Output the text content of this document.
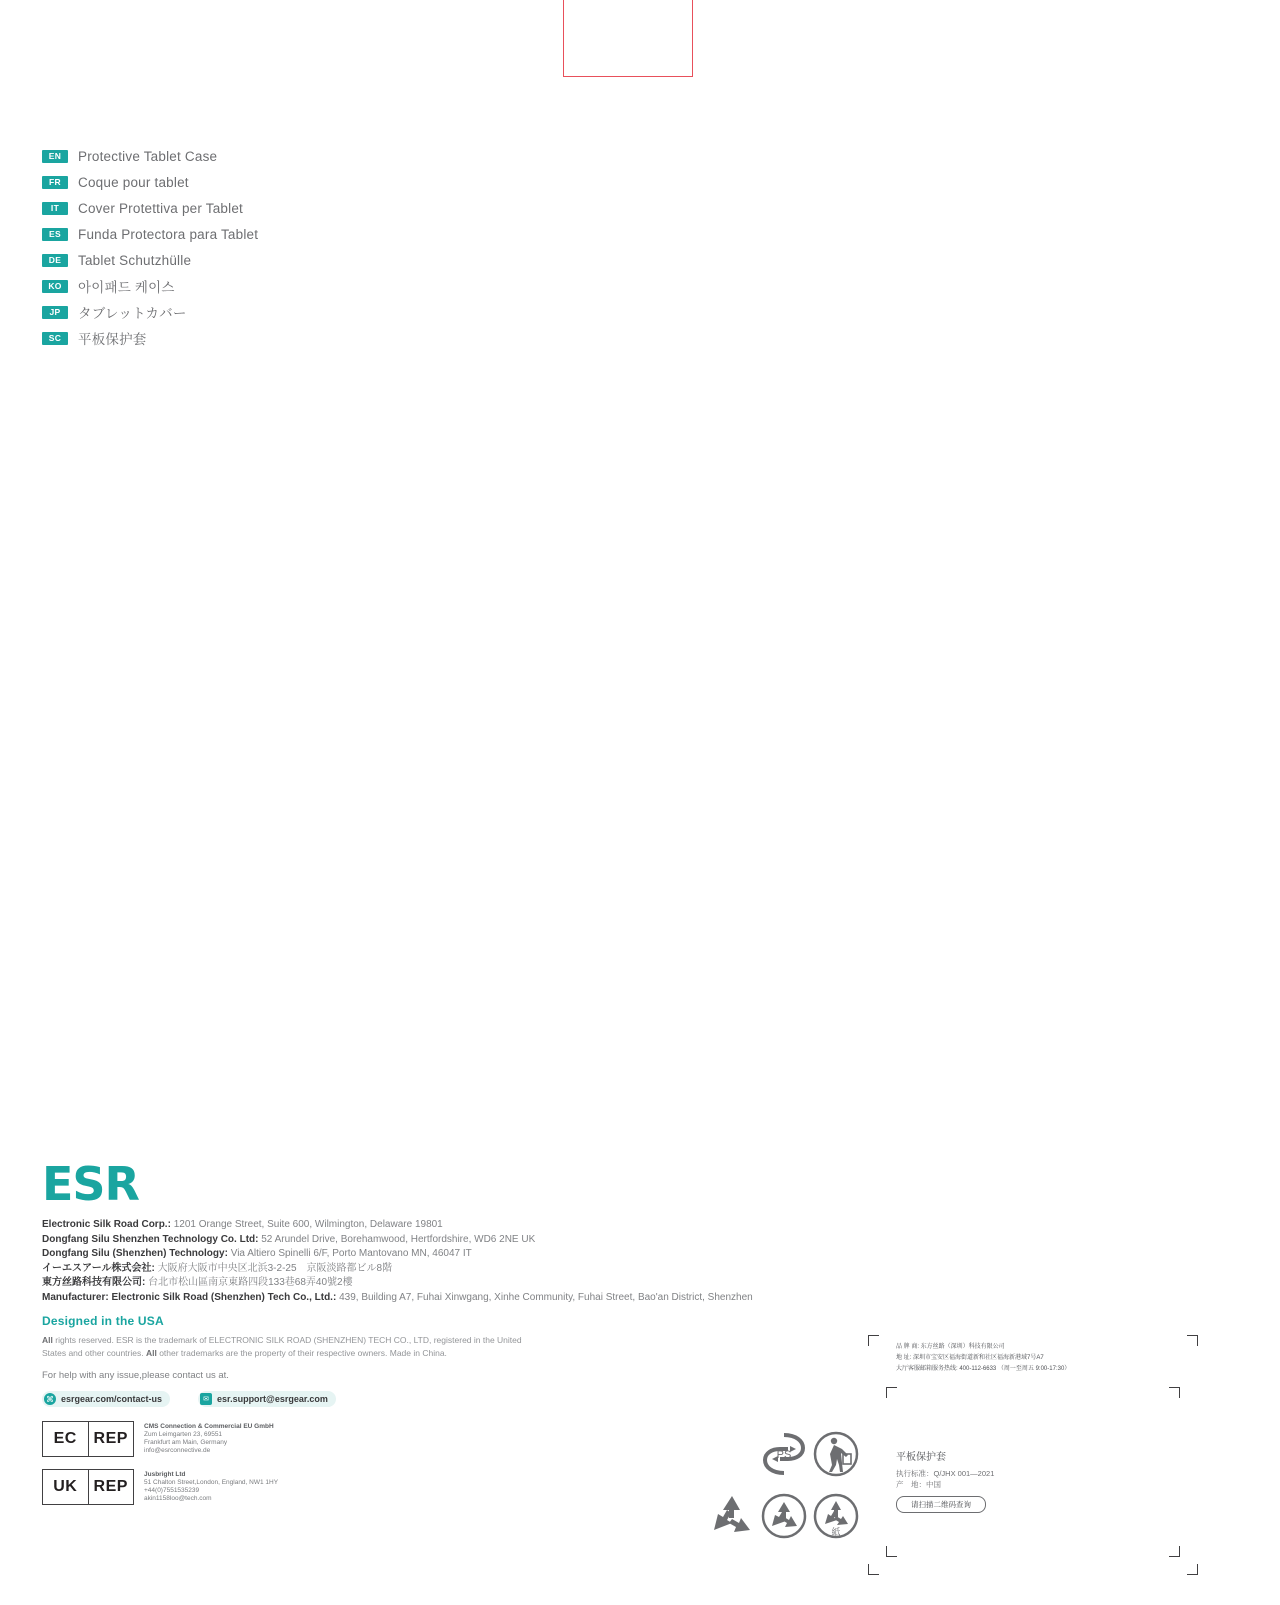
EN	Protective Tablet Case
FR	Coque pour tablet
IT	Cover Protettiva per Tablet
ES	Funda Protectora para Tablet
DE	Tablet Schutzhülle
KO	아이패드 케이스
JP	タブレットカバー
SC	平板保护套
ESR
Electronic Silk Road Corp.: 1201 Orange Street, Suite 600, Wilmington, Delaware 19801
Dongfang Silu Shenzhen Technology Co. Ltd: 52 Arundel Drive, Borehamwood, Hertfordshire, WD6 2NE UK
Dongfang Silu (Shenzhen) Technology: Via Altiero Spinelli 6/F, Porto Mantovano MN, 46047 IT
イーエスアール株式会社: 大阪府大阪市中央区北浜3-2-25　京阪淡路都ビル8階
東方丝路科技有限公司: 台北市松山區南京東路四段133巷68弄40號2樓
Manufacturer: Electronic Silk Road (Shenzhen) Tech Co., Ltd.: 439, Building A7, Fuhai Xinwgang, Xinhe Community, Fuhai Street, Bao'an District, Shenzhen
Designed in the USA
All rights reserved. ESR is the trademark of ELECTRONIC SILK ROAD (SHENZHEN) TECH CO., LTD, registered in the United
States and other countries. All other trademarks are the property of their respective owners. Made in China.
For help with any issue,please contact us at.
⌘ esrgear.com/contact-us	✉ esr.support@esrgear.com
EC	REP
CMS Connection & Commercial EU GmbH
Zum Leimgarten 23, 69551
Frankfurt am Main, Germany
info@esrconnective.de
UK	REP
Jusbright Ltd
51 Chalton Street,London, England, NW1 1HY
+44(0)7551535239
akin1158loo@tech.com
PS
紙
品 牌 商: 东方丝路（深圳）科技有限公司
地 址: 深圳市宝安区福海街道新和社区福海新港域7号A7
大厅客服邮箱服务热线: 400-112-6633 （周一至周五 9:00-17:30）
平板保护套
执行标准：Q/JHX 001—2021
产　地：中国
请扫描二维码查询
